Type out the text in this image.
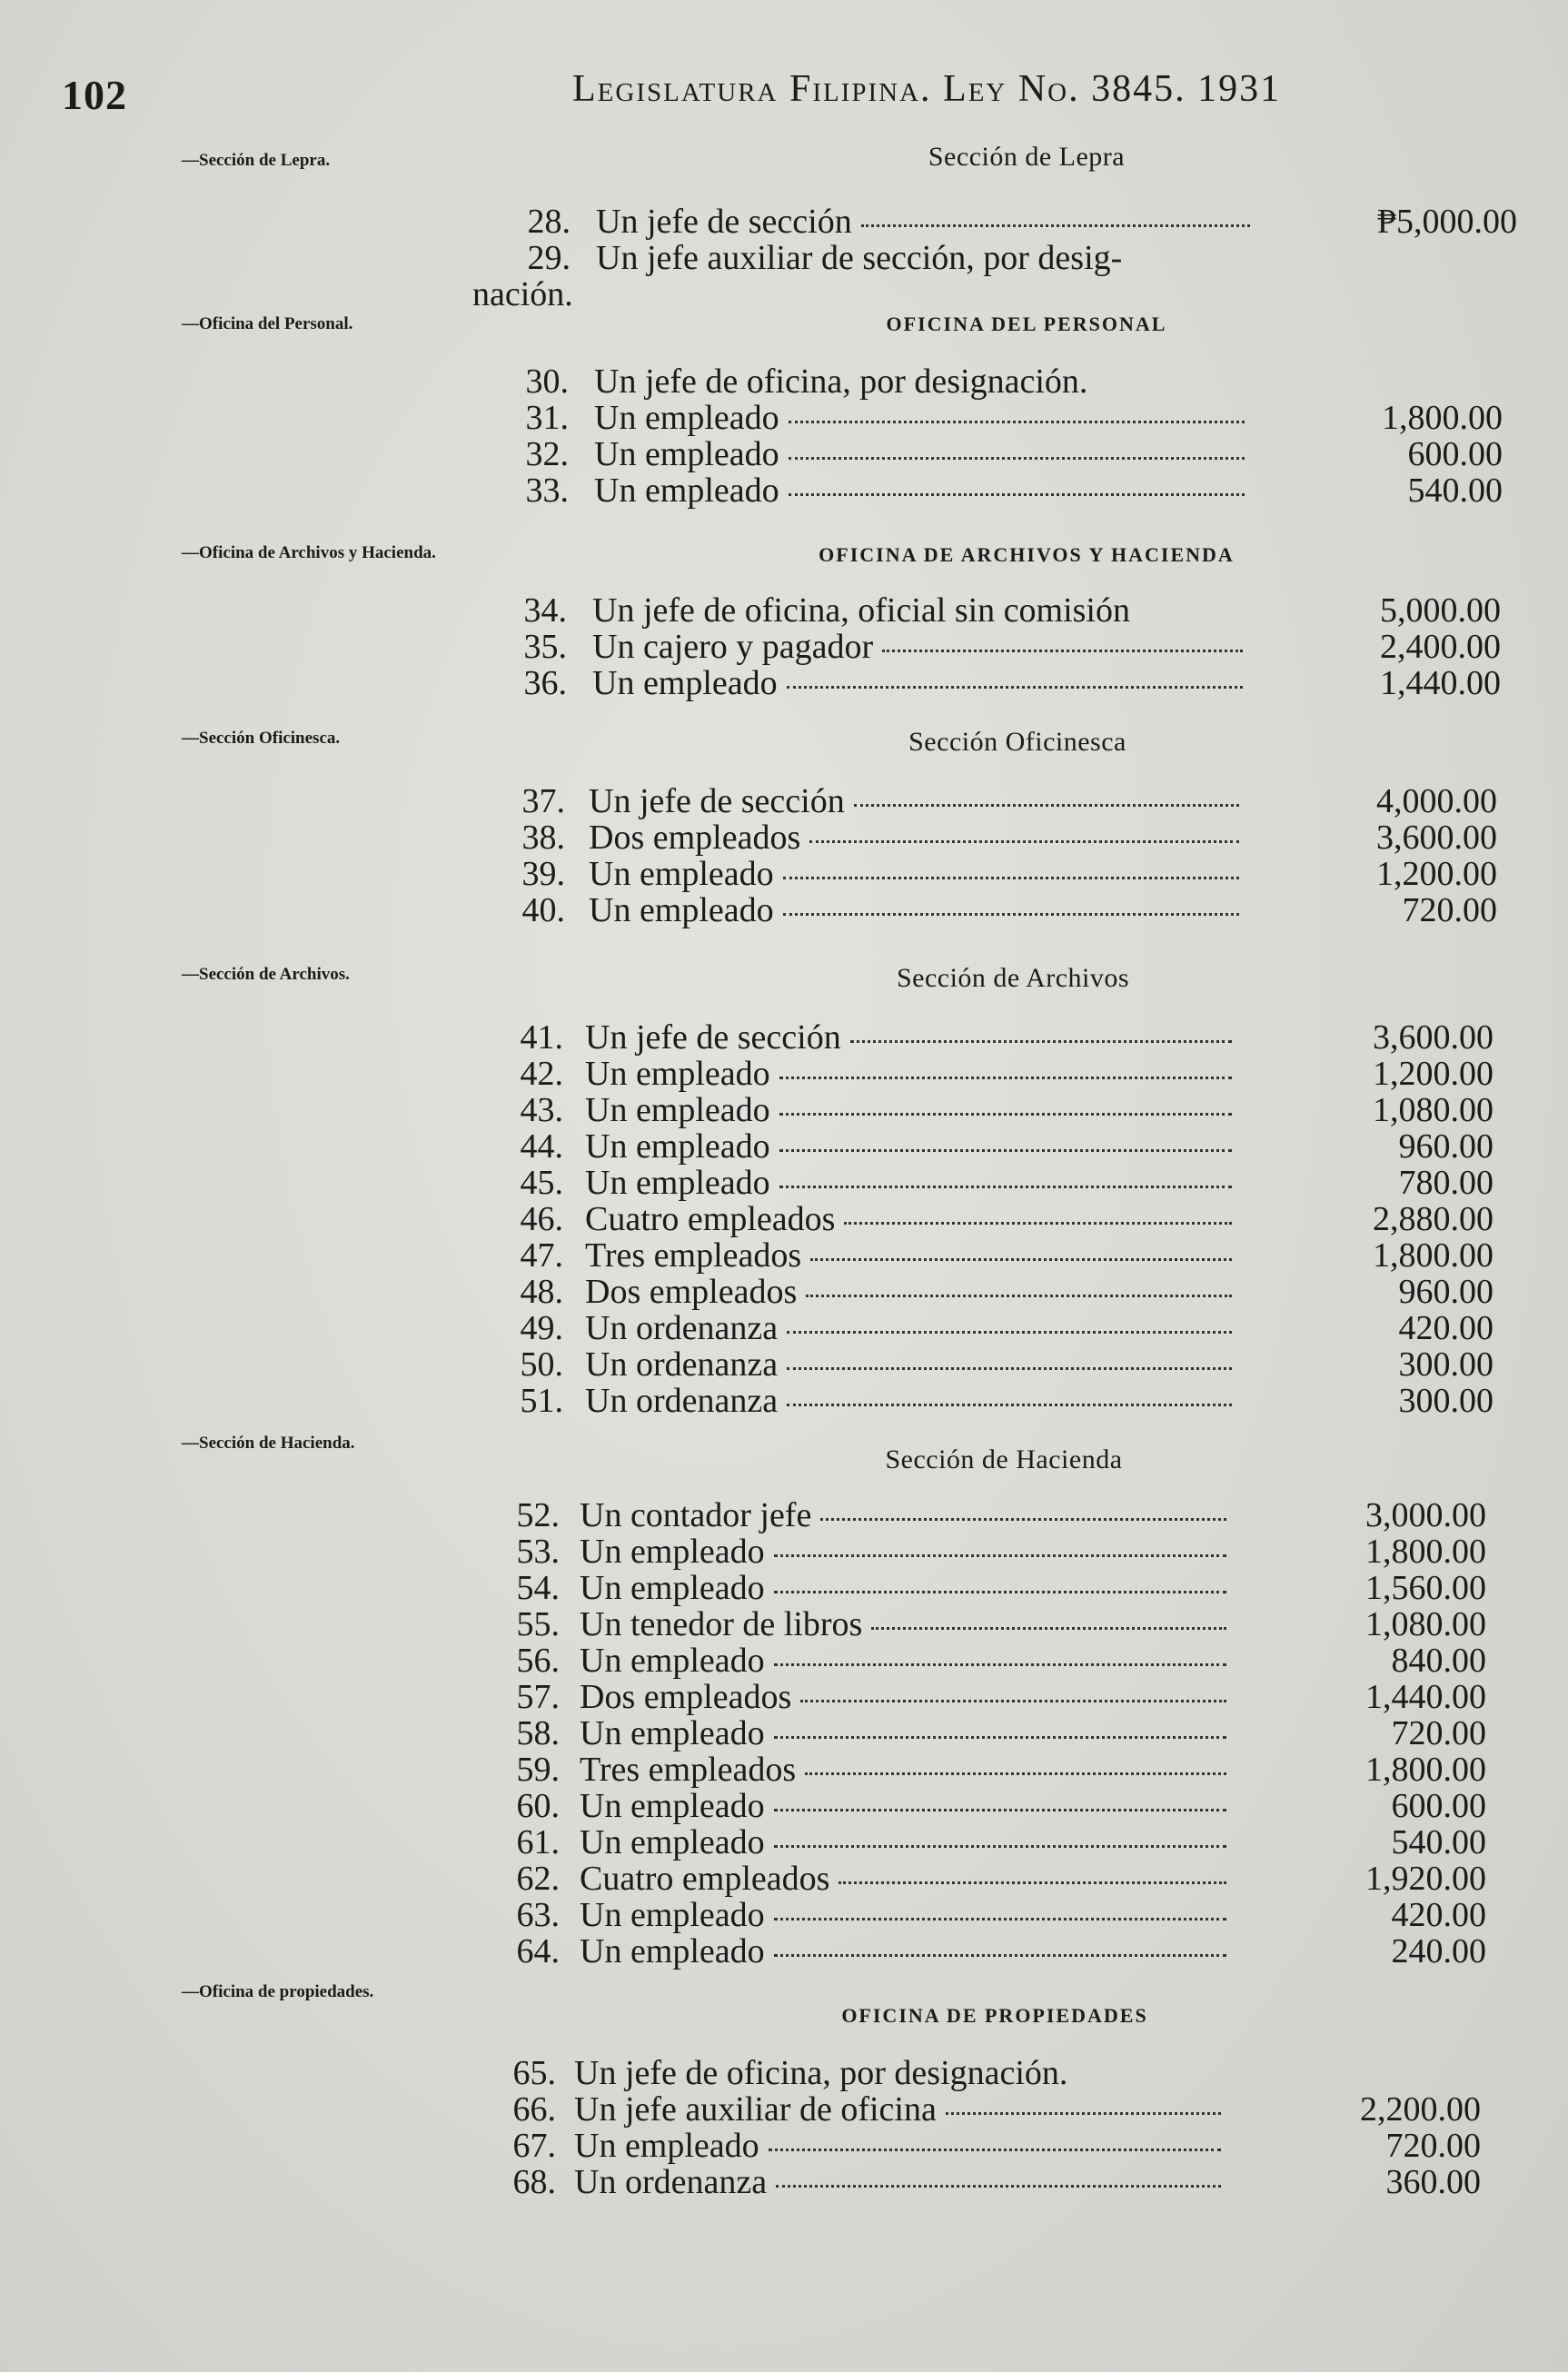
102	Legislatura Filipina. Ley No. 3845. 1931
—Sección de Lepra.
—Oficina del Personal.
—Oficina de Archivos y Hacienda.
—Sección Oficinesca.
—Sección de Archivos.
—Sección de Hacienda.
—Oficina de propiedades.
Sección de Lepra
OFICINA DEL PERSONAL
OFICINA DE ARCHIVOS Y HACIENDA
Sección Oficinesca
Sección de Archivos
Sección de Hacienda
OFICINA DE PROPIEDADES
28. Un jefe de sección	₱5,000.00
29. Un jefe auxiliar de sección, por desig-
nación.
30. Un jefe de oficina, por designación.
31. Un empleado	1,800.00
32. Un empleado	600.00
33. Un empleado	540.00
34. Un jefe de oficina, oficial sin comisión	5,000.00
35. Un cajero y pagador	2,400.00
36. Un empleado	1,440.00
37. Un jefe de sección	4,000.00
38. Dos empleados	3,600.00
39. Un empleado	1,200.00
40. Un empleado	720.00
41. Un jefe de sección	3,600.00
42. Un empleado	1,200.00
43. Un empleado	1,080.00
44. Un empleado	960.00
45. Un empleado	780.00
46. Cuatro empleados	2,880.00
47. Tres empleados	1,800.00
48. Dos empleados	960.00
49. Un ordenanza	420.00
50. Un ordenanza	300.00
51. Un ordenanza	300.00
52. Un contador jefe	3,000.00
53. Un empleado	1,800.00
54. Un empleado	1,560.00
55. Un tenedor de libros	1,080.00
56. Un empleado	840.00
57. Dos empleados	1,440.00
58. Un empleado	720.00
59. Tres empleados	1,800.00
60. Un empleado	600.00
61. Un empleado	540.00
62. Cuatro empleados	1,920.00
63. Un empleado	420.00
64. Un empleado	240.00
65. Un jefe de oficina, por designación.
66. Un jefe auxiliar de oficina	2,200.00
67. Un empleado	720.00
68. Un ordenanza	360.00
